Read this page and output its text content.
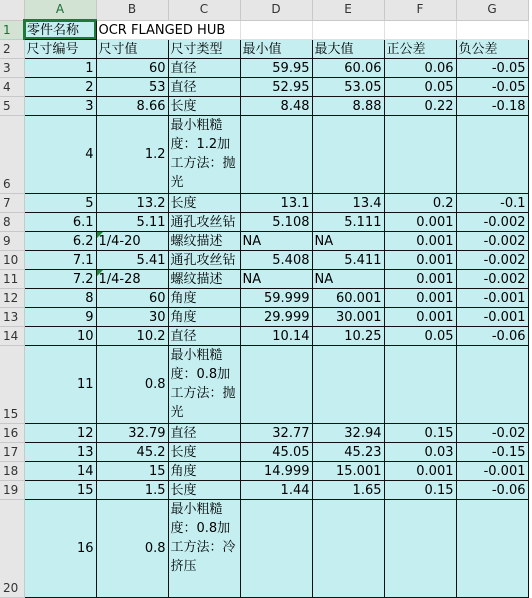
	A	B	C	D	E	F	G
1	零件名称	OCR FLANGED HUB					
2	尺寸编号	尺寸值	尺寸类型	最小值	最大值	正公差	负公差
3	1	60	直径	59.95	60.06	0.06	-0.05
4	2	53	直径	52.95	53.05	0.05	-0.05
5	3	8.66	长度	8.48	8.88	0.22	-0.18
6	4	1.2	最小粗糙度：1.2加工方法：抛光				
7	5	13.2	长度	13.1	13.4	0.2	-0.1
8	6.1	5.11	通孔攻丝钻	5.108	5.111	0.001	-0.002
9	6.2	1/4-20	螺纹描述	NA	NA	0.001	-0.002
10	7.1	5.41	通孔攻丝钻	5.408	5.411	0.001	-0.002
11	7.2	1/4-28	螺纹描述	NA	NA	0.001	-0.002
12	8	60	角度	59.999	60.001	0.001	-0.001
13	9	30	角度	29.999	30.001	0.001	-0.001
14	10	10.2	直径	10.14	10.25	0.05	-0.06
15	11	0.8	最小粗糙度：0.8加工方法：抛光				
16	12	32.79	直径	32.77	32.94	0.15	-0.02
17	13	45.2	长度	45.05	45.23	0.03	-0.15
18	14	15	角度	14.999	15.001	0.001	-0.001
19	15	1.5	长度	1.44	1.65	0.15	-0.06
20	16	0.8	最小粗糙度：0.8加工方法：冷挤压				
